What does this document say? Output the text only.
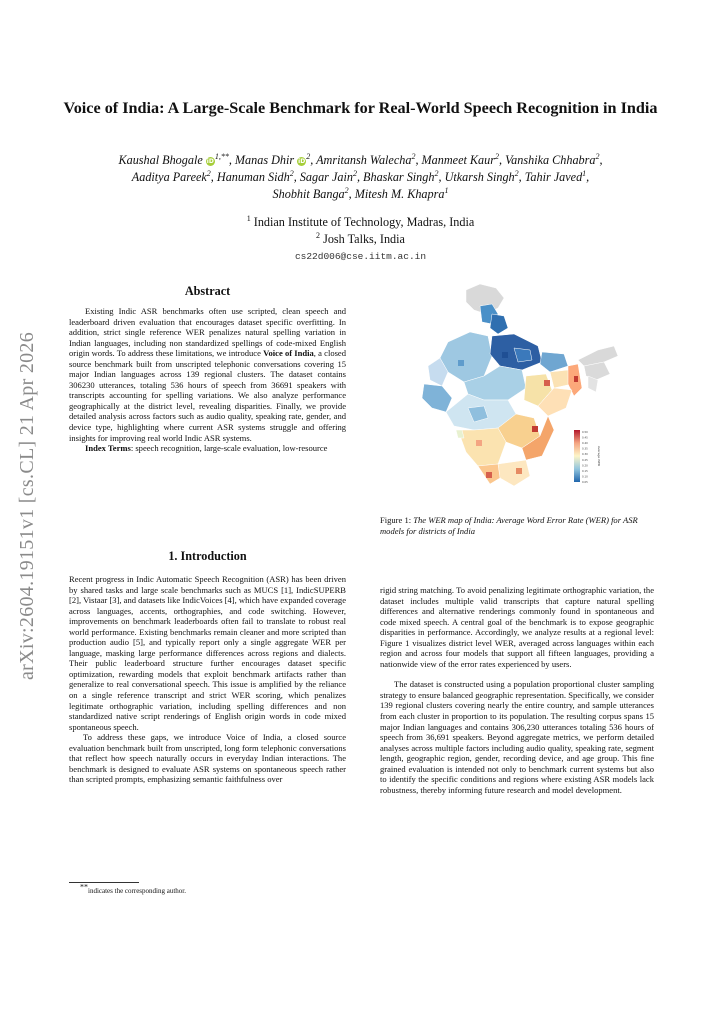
arXiv:2604.19151v1 [cs.CL] 21 Apr 2026
Voice of India: A Large-Scale Benchmark for Real-World Speech Recognition in India
Kaushal Bhogale $iD^{1,**}$, Manas Dhir $iD^2$, Amritansh Walecha$^2$, Manmeet Kaur$^2$, Vanshika Chhabra$^2$,
Aaditya Pareek$^2$, Hanuman Sidh$^2$, Sagar Jain$^2$, Bhaskar Singh$^2$, Utkarsh Singh$^2$, Tahir Javed$^1$,
Shobhit Banga$^2$, Mitesh M. Khapra$^1$
$^1$ Indian Institute of Technology, Madras, India
$^2$ Josh Talks, India
cs22d006@cse.iitm.ac.in
Abstract

Existing Indic ASR benchmarks often use scripted, clean speech and leaderboard driven evaluation that encourages dataset specific overfitting. In addition, strict single reference WER penalizes natural spelling variation in Indian languages, including non standardized spellings of code-mixed English origin words. To address these limitations, we introduce Voice of India, a closed source benchmark built from unscripted telephonic conversations covering 15 major Indian languages across 139 regional clusters. The dataset contains 306230 utterances, totaling 536 hours of speech from 36691 speakers with transcripts accounting for spelling variations. We also analyze performance geographically at the district level, revealing disparities. Finally, we provide detailed analysis across factors such as audio quality, speaking rate, gender, and device type, highlighting where current ASR systems struggle and offering insights for improving real world Indic ASR systems.

Index Terms: speech recognition, large-scale evaluation, low-resource

1. Introduction

Recent progress in Indic Automatic Speech Recognition (ASR) has been driven by shared tasks and large scale benchmarks such as MUCS [1], IndicSUPERB [2], Vistaar [3], and datasets like IndicVoices [4], which have expanded coverage across languages, accents, orthographies, and code switching. However, improvements on benchmark leaderboards often fail to translate to robust real world performance. Existing benchmarks remain cleaner and more scripted than production audio [5], and typically report only a single aggregate WER per language, masking large performance differences across regions and dialects. Their public leaderboard structure further encourages dataset specific optimization, rewarding models that exploit benchmark artifacts rather than generalize to real conversational speech. This issue is amplified by the reliance on a single reference transcript and strict WER scoring, which penalizes legitimate orthographic variation, including spelling differences and non standardized native script renderings of English origin words in code mixed spontaneous speech.

To address these gaps, we introduce Voice of India, a closed source evaluation benchmark built from unscripted, long form telephonic conversations that reflect how speech naturally occurs in everyday Indian interactions. The benchmark is designed to evaluate ASR systems on spontaneous speech rather than scripted prompts, emphasizing semantic faithfulness over

**indicates the corresponding author.
0.50
0.45
0.40
0.35
0.30
0.25
0.20
0.15
0.10
0.05
Average WER
Figure 1: The WER map of India: Average Word Error Rate (WER) for ASR models for districts of India

rigid string matching. To avoid penalizing legitimate orthographic variation, the dataset includes multiple valid transcripts that capture natural spelling differences and alternative renderings commonly found in spontaneous and code mixed speech. A central goal of the benchmark is to expose geographic disparities in performance. Accordingly, we analyze results at a regional level: Figure 1 visualizes district level WER, averaged across languages within each region and across four models that support all fifteen languages, providing a nationwide view of the error rates experienced by users.

The dataset is constructed using a population proportional cluster sampling strategy to ensure balanced geographic representation. Specifically, we consider 139 regional clusters covering nearly the entire country, and sample utterances from each cluster in proportion to its population. The resulting corpus spans 15 major Indian languages and contains 306,230 utterances totaling 536 hours of speech from 36,691 speakers. Beyond aggregate metrics, we perform detailed analyses across multiple factors including audio quality, speaking rate, segment length, geographic region, gender, recording device, and age group. This fine grained evaluation is intended not only to benchmark current systems but also to identify the specific conditions and regions where existing ASR models lack robustness, thereby informing future research and model development.
